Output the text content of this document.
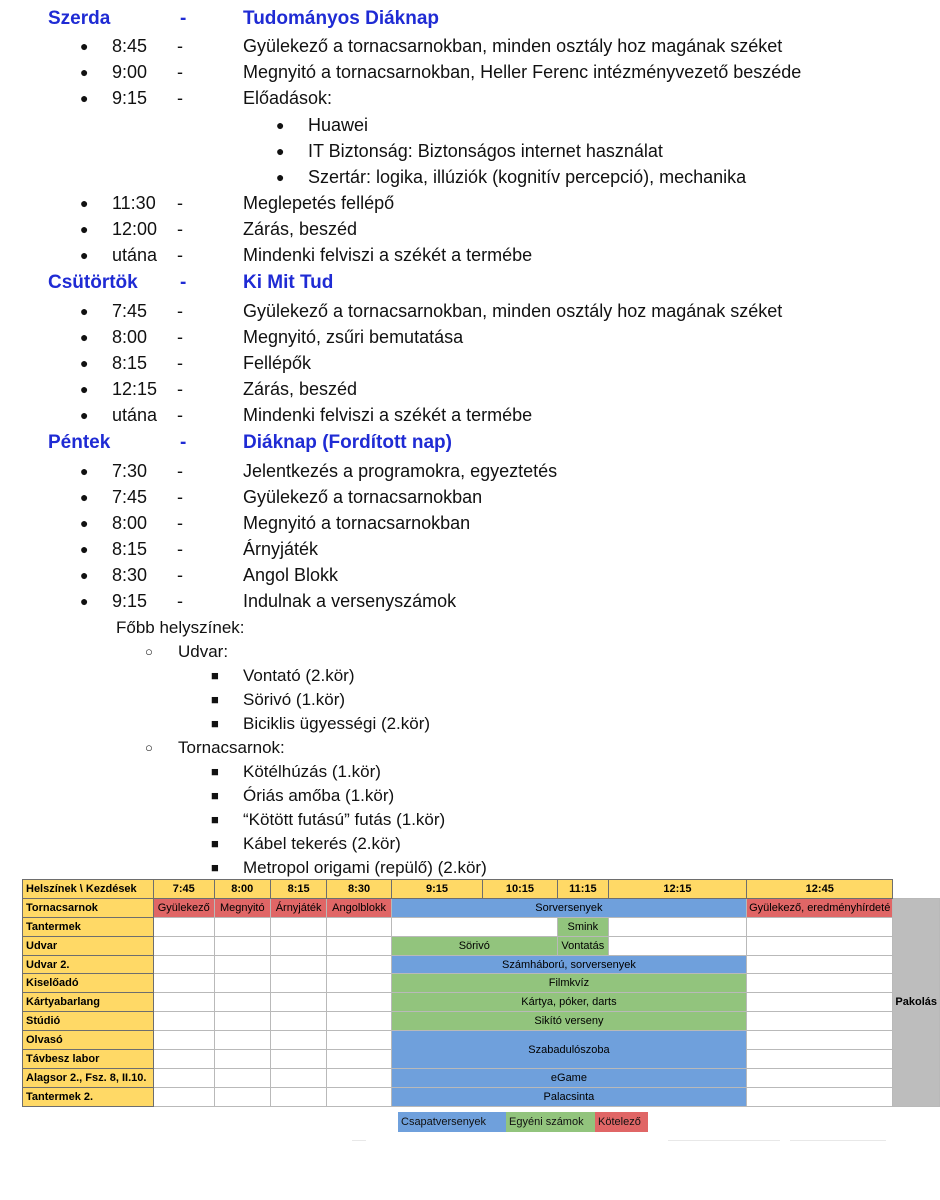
Szerda	-	Tudományos Diáknap
● 8:45 -	Gyülekező a tornacsarnokban, minden osztály hoz magának széket
● 9:00 -	Megnyitó a tornacsarnokban, Heller Ferenc intézményvezető beszéde
● 9:15 -	Előadások:
● Huawei
● IT Biztonság: Biztonságos internet használat
● Szertár: logika, illúziók (kognitív percepció), mechanika
● 11:30 -	Meglepetés fellépő
● 12:00 -	Zárás, beszéd
● utána -	Mindenki felviszi a székét a termébe
Csütörtök -	Ki Mit Tud
● 7:45 -	Gyülekező a tornacsarnokban, minden osztály hoz magának széket
● 8:00 -	Megnyitó, zsűri bemutatása
● 8:15 -	Fellépők
● 12:15 -	Zárás, beszéd
● utána -	Mindenki felviszi a székét a termébe
Péntek	-	Diáknap (Fordított nap)
● 7:30 -	Jelentkezés a programokra, egyeztetés
● 7:45 -	Gyülekező a tornacsarnokban
● 8:00 -	Megnyitó a tornacsarnokban
● 8:15 -	Árnyjáték
● 8:30 -	Angol Blokk
● 9:15 -	Indulnak a versenyszámok
Főbb helyszínek:
○ Udvar:
■ Vontató (2.kör)
■ Sörivó (1.kör)
■ Biciklis ügyességi (2.kör)
○ Tornacsarnok:
■ Kötélhúzás (1.kör)
■ Óriás amőba (1.kör)
■ “Kötött futású” futás (1.kör)
■ Kábel tekerés (2.kör)
■ Metropol origami (repülő) (2.kör)
Helszínek \ Kezdések	7:45	8:00	8:15	8:30	9:15	10:15	11:15	12:15	12:45	
Tornacsarnok	Gyülekező	Megnyitó	Árnyjáték	Angolblokk	Sorversenyek				Gyülekező, eredményhírdeté	Pakolás
Tantermek							Smink			
Udvar					Sörivó		Vontatás			
Udvar 2.					Számháború, sorversenyek					
Kiselőadó					Filmkvíz					
Kártyabarlang					Kártya, póker, darts					
Stúdió					Sikító verseny					
Olvasó					Szabadulószoba					
Távbesz labor										
Alagsor 2., Fsz. 8, II.10.					eGame					
Tantermek 2.					Palacsinta					
Csapatversenyek	Egyéni számok	Kötelező
